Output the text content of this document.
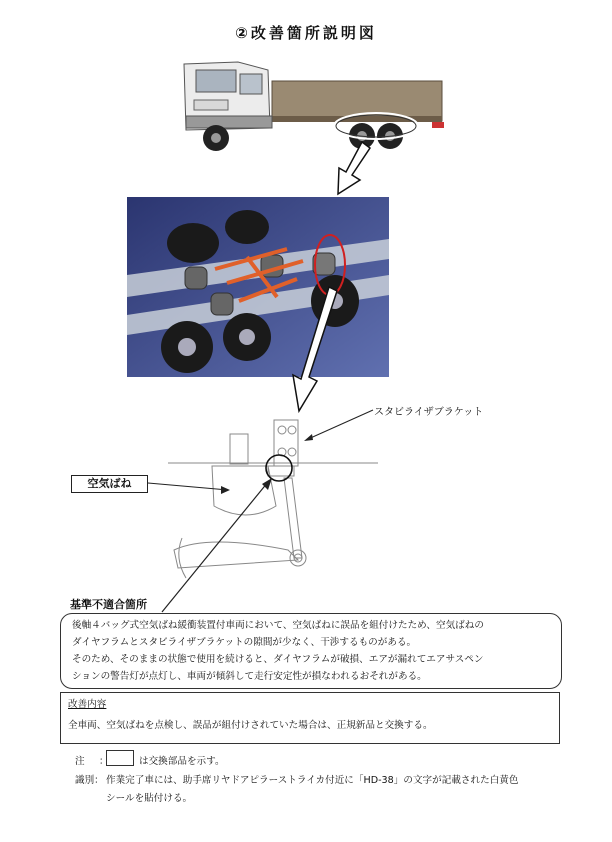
②改善箇所説明図
スタビライザブラケット
空気ばね
基準不適合箇所
後軸４バッグ式空気ばね緩衝装置付車両において、空気ばねに誤品を組付けたため、空気ばねの
ダイヤフラムとスタビライザブラケットの隙間が少なく、干渉するものがある。
そのため、そのままの状態で使用を続けると、ダイヤフラムが破損、エアが漏れてエアサスペン
ションの警告灯が点灯し、車両が傾斜して走行安定性が損なわれるおそれがある。
改善内容
全車両、空気ばねを点検し、誤品が組付けされていた場合は、正規新品と交換する。
注 ：	は交換部品を示す。
識別： 作業完了車には、助手席リヤドアピラーストライカ付近に「HD-38」の文字が記載された白黄色
シールを貼付ける。
